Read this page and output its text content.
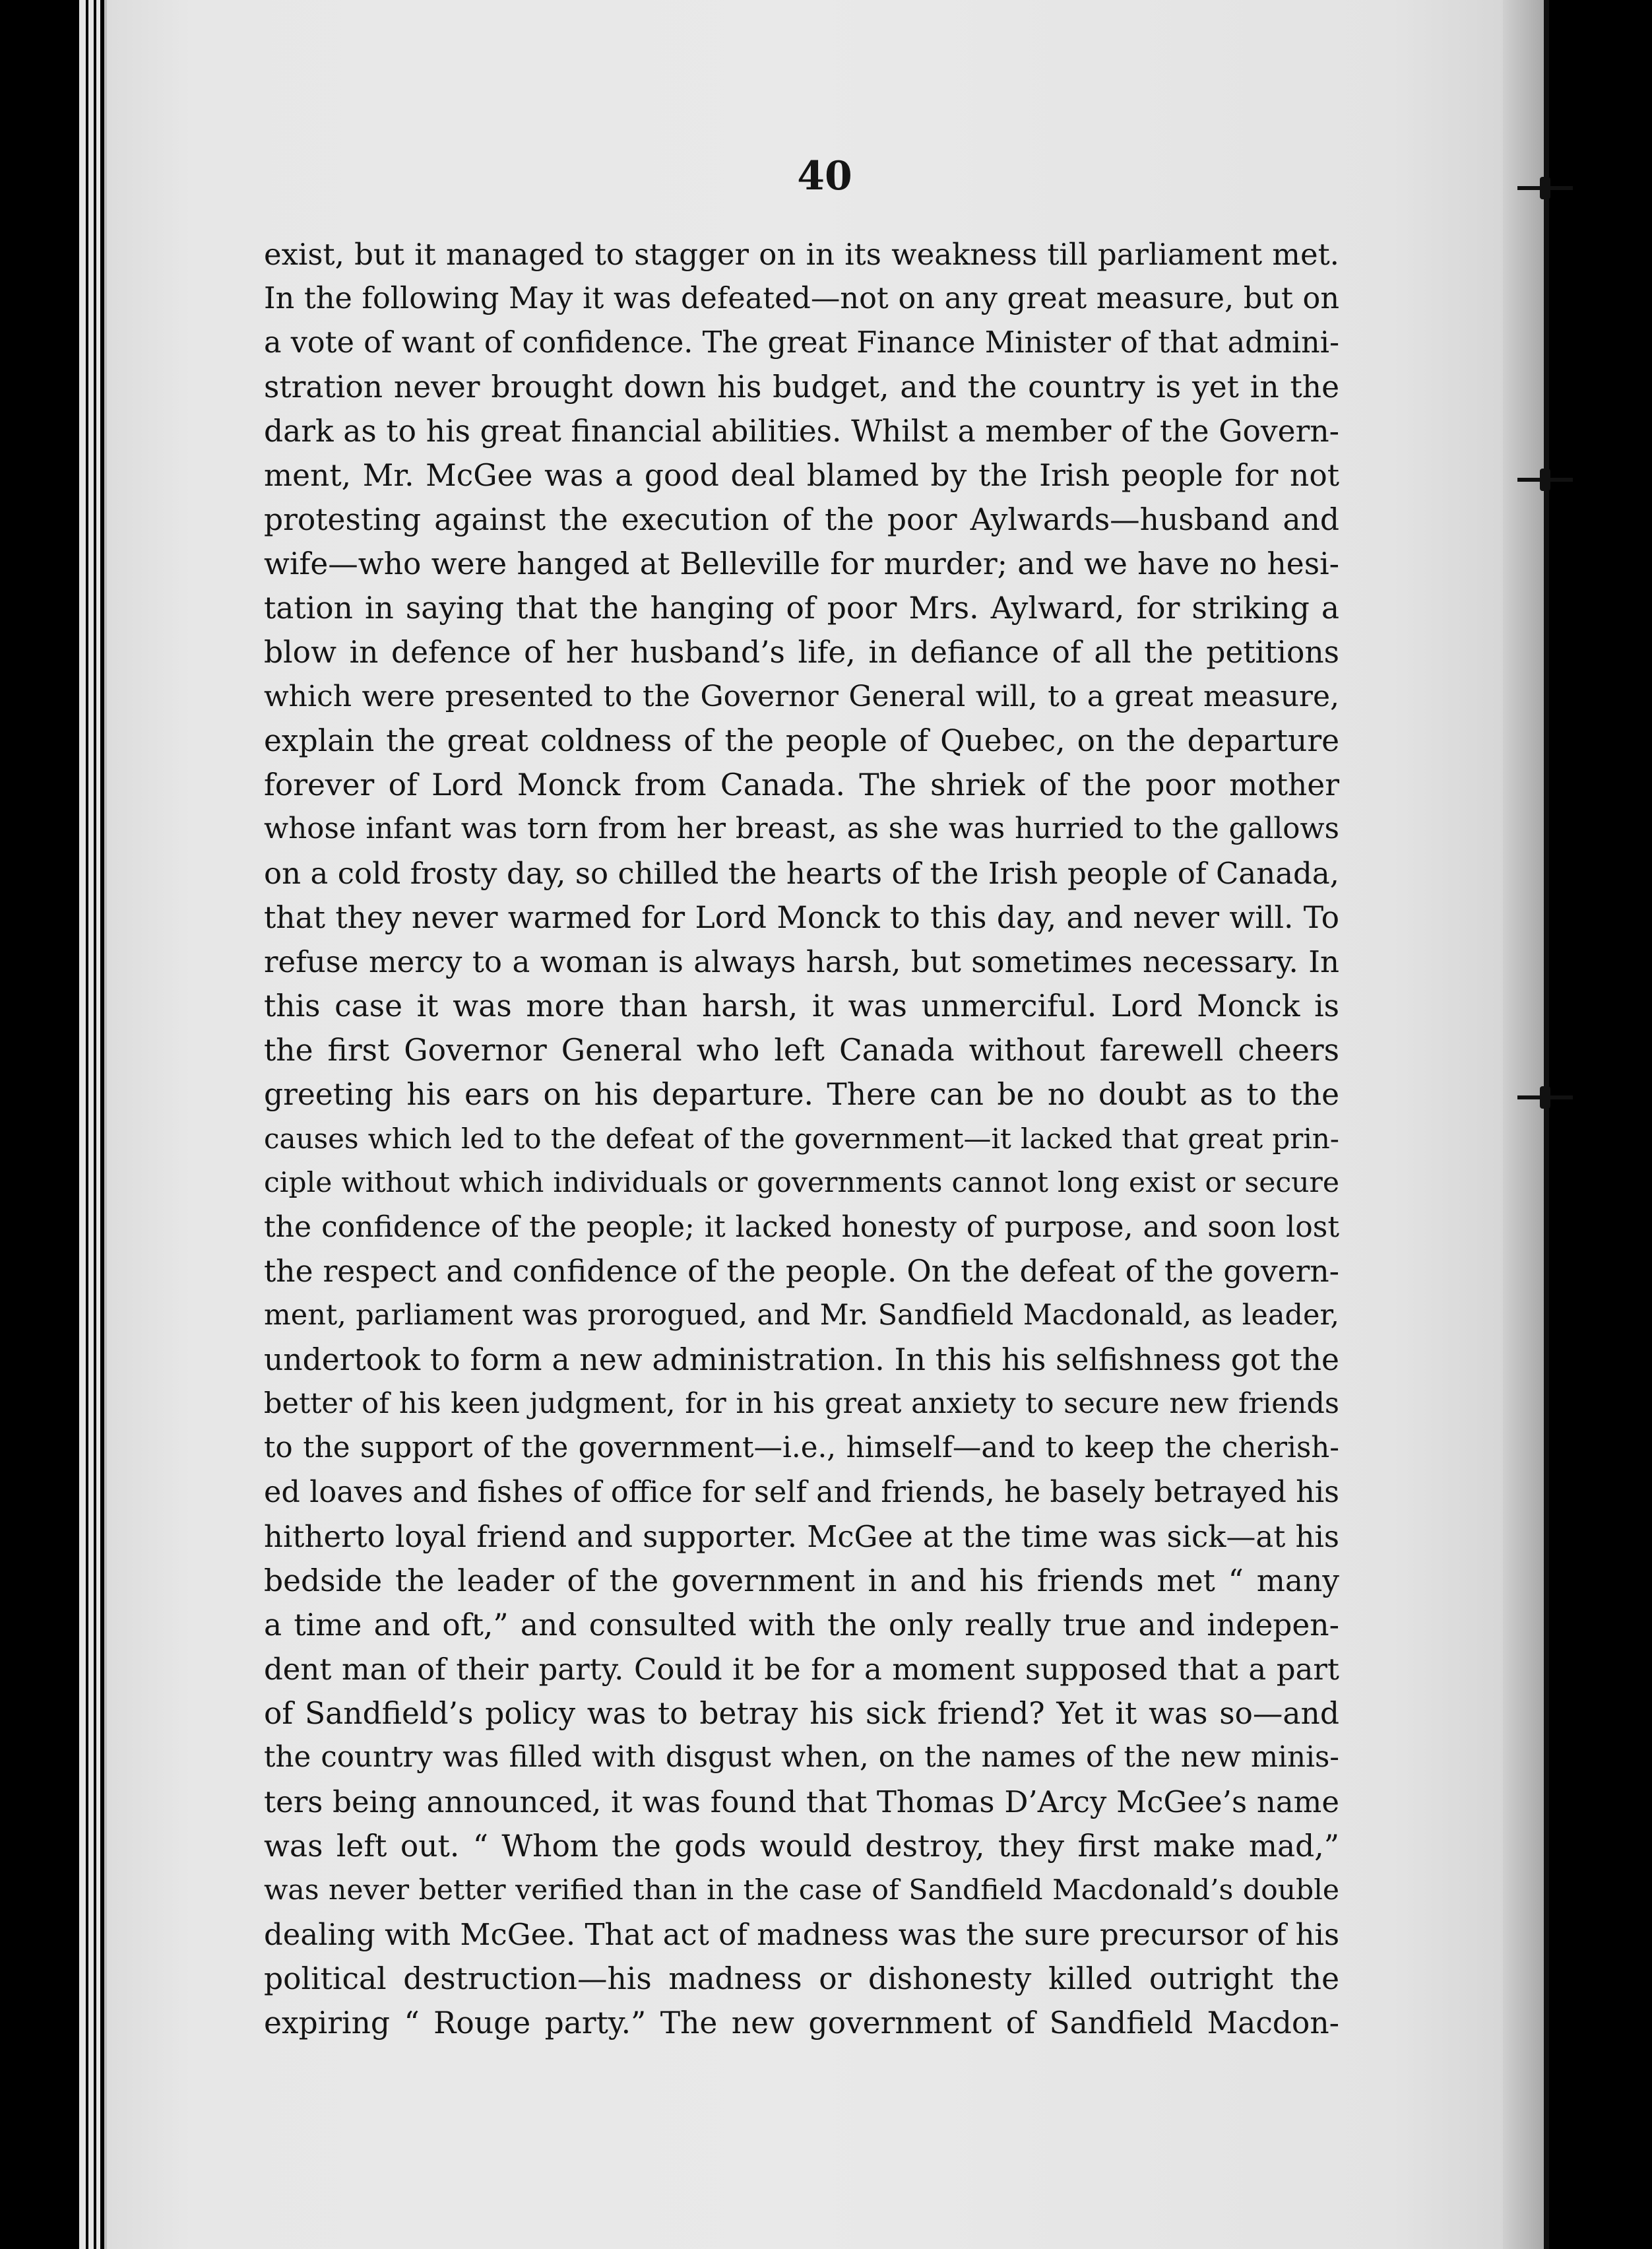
40
exist, but it managed to stagger on in its weakness till parliament met.
In the following May it was defeated—not on any great measure, but on
a vote of want of confidence. The great Finance Minister of that admini-
stration never brought down his budget, and the country is yet in the
dark as to his great financial abilities. Whilst a member of the Govern-
ment, Mr. McGee was a good deal blamed by the Irish people for not
protesting against the execution of the poor Aylwards—husband and
wife—who were hanged at Belleville for murder; and we have no hesi-
tation in saying that the hanging of poor Mrs. Aylward, for striking a
blow in defence of her husband’s life, in defiance of all the petitions
which were presented to the Governor General will, to a great measure,
explain the great coldness of the people of Quebec, on the departure
forever of Lord Monck from Canada. The shriek of the poor mother
whose infant was torn from her breast, as she was hurried to the gallows
on a cold frosty day, so chilled the hearts of the Irish people of Canada,
that they never warmed for Lord Monck to this day, and never will. To
refuse mercy to a woman is always harsh, but sometimes necessary. In
this case it was more than harsh, it was unmerciful. Lord Monck is
the first Governor General who left Canada without farewell cheers
greeting his ears on his departure. There can be no doubt as to the
causes which led to the defeat of the government—it lacked that great prin-
ciple without which individuals or governments cannot long exist or secure
the confidence of the people; it lacked honesty of purpose, and soon lost
the respect and confidence of the people. On the defeat of the govern-
ment, parliament was prorogued, and Mr. Sandfield Macdonald, as leader,
undertook to form a new administration. In this his selfishness got the
better of his keen judgment, for in his great anxiety to secure new friends
to the support of the government—i.e., himself—and to keep the cherish-
ed loaves and fishes of office for self and friends, he basely betrayed his
hitherto loyal friend and supporter. McGee at the time was sick—at his
bedside the leader of the government in and his friends met “ many
a time and oft,” and consulted with the only really true and indepen-
dent man of their party. Could it be for a moment supposed that a part
of Sandfield’s policy was to betray his sick friend? Yet it was so—and
the country was filled with disgust when, on the names of the new minis-
ters being announced, it was found that Thomas D’Arcy McGee’s name
was left out. “ Whom the gods would destroy, they first make mad,”
was never better verified than in the case of Sandfield Macdonald’s double
dealing with McGee. That act of madness was the sure precursor of his
political destruction—his madness or dishonesty killed outright the
expiring “ Rouge party.” The new government of Sandfield Macdon-
